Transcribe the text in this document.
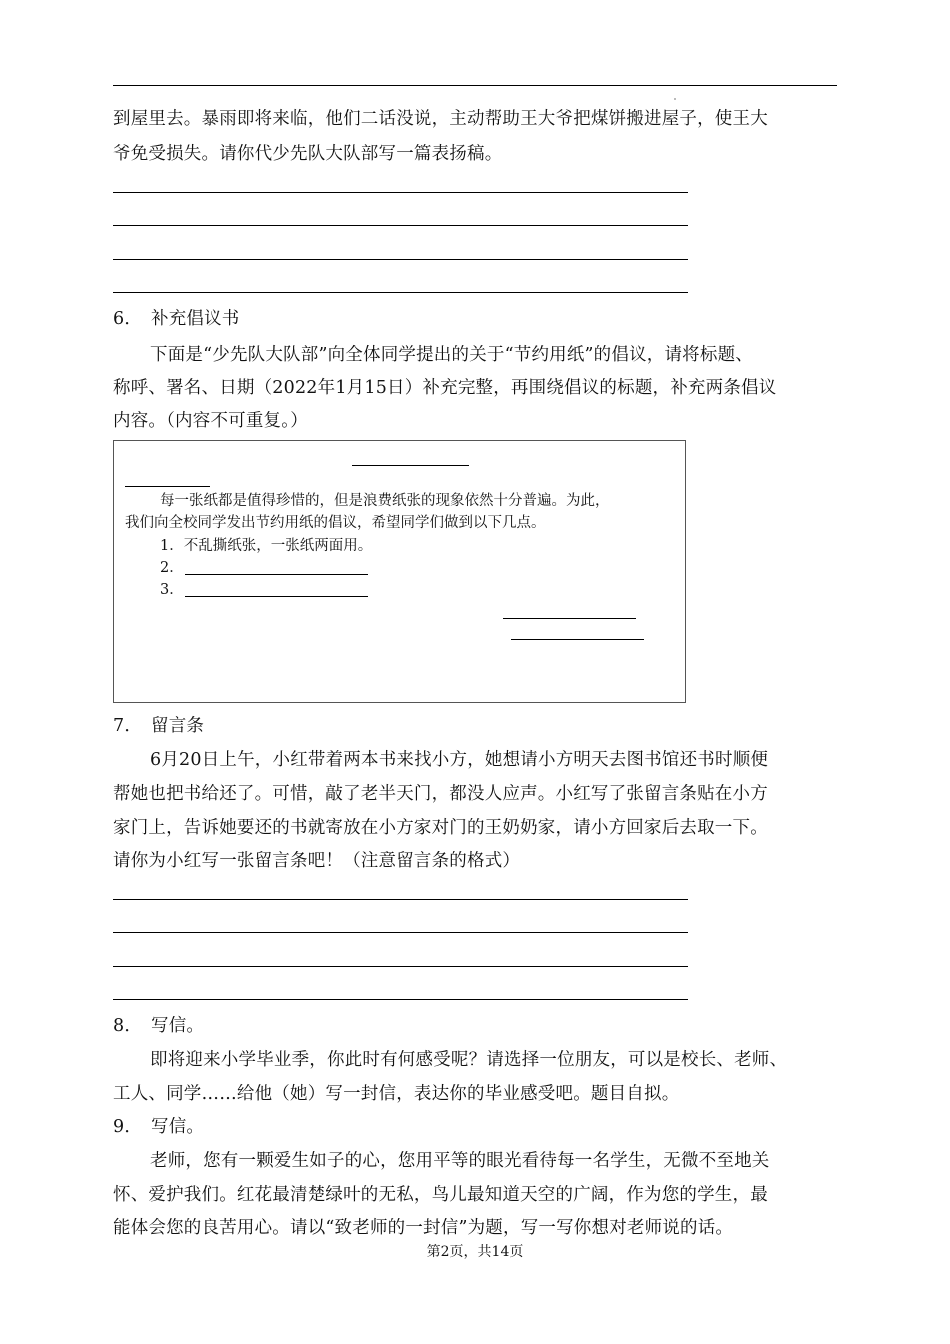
到屋里去。暴雨即将来临，他们二话没说，主动帮助王大爷把煤饼搬进屋子，使王大

爷免受损失。请你代少先队大队部写一篇表扬稿。

6． 补充倡议书

下面是“少先队大队部”向全体同学提出的关于“节约用纸”的倡议，请将标题、

称呼、署名、日期（2022年1月15日）补充完整，再围绕倡议的标题，补充两条倡议

内容。（内容不可重复。）

每一张纸都是值得珍惜的，但是浪费纸张的现象依然十分普遍。为此，

我们向全校同学发出节约用纸的倡议，希望同学们做到以下几点。

1．不乱撕纸张，一张纸两面用。

2．

3．

7． 留言条

6月20日上午，小红带着两本书来找小方，她想请小方明天去图书馆还书时顺便

帮她也把书给还了。可惜，敲了老半天门，都没人应声。小红写了张留言条贴在小方

家门上，告诉她要还的书就寄放在小方家对门的王奶奶家，请小方回家后去取一下。

请你为小红写一张留言条吧！（注意留言条的格式）

8． 写信。

即将迎来小学毕业季，你此时有何感受呢？请选择一位朋友，可以是校长、老师、

工人、同学……给他（她）写一封信，表达你的毕业感受吧。题目自拟。

9． 写信。

老师，您有一颗爱生如子的心，您用平等的眼光看待每一名学生，无微不至地关

怀、爱护我们。红花最清楚绿叶的无私，鸟儿最知道天空的广阔，作为您的学生，最

能体会您的良苦用心。请以“致老师的一封信”为题，写一写你想对老师说的话。

第2页，共14页
